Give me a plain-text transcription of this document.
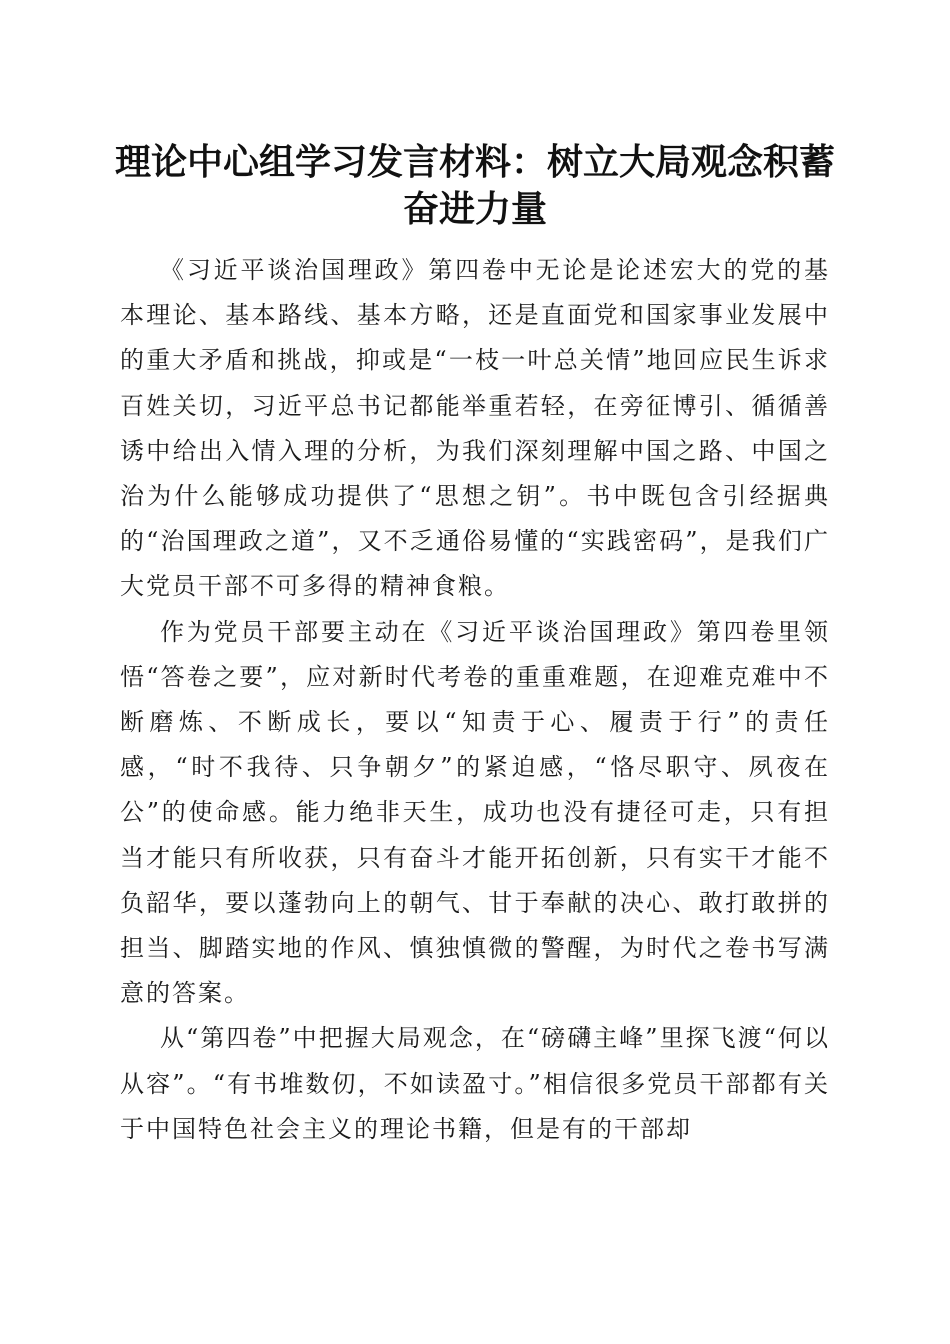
理论中心组学习发言材料：树立大局观念积蓄
奋进力量

《习近平谈治国理政》第四卷中无论是论述宏大的党的基本理论、基本路线、基本方略，还是直面党和国家事业发展中的重大矛盾和挑战，抑或是“一枝一叶总关情”地回应民生诉求百姓关切，习近平总书记都能举重若轻，在旁征博引、循循善诱中给出入情入理的分析，为我们深刻理解中国之路、中国之治为什么能够成功提供了“思想之钥”。书中既包含引经据典的“治国理政之道”，又不乏通俗易懂的“实践密码”，是我们广大党员干部不可多得的精神食粮。

作为党员干部要主动在《习近平谈治国理政》第四卷里领悟“答卷之要”，应对新时代考卷的重重难题，在迎难克难中不断磨炼、不断成长，要以“知责于心、履责于行”的责任感，“时不我待、只争朝夕”的紧迫感，“恪尽职守、夙夜在公”的使命感。能力绝非天生，成功也没有捷径可走，只有担当才能只有所收获，只有奋斗才能开拓创新，只有实干才能不负韶华，要以蓬勃向上的朝气、甘于奉献的决心、敢打敢拼的担当、脚踏实地的作风、慎独慎微的警醒，为时代之卷书写满意的答案。

从“第四卷”中把握大局观念，在“磅礴主峰”里探飞渡“何以从容”。“有书堆数仞，不如读盈寸。”相信很多党员干部都有关于中国特色社会主义的理论书籍，但是有的干部却
